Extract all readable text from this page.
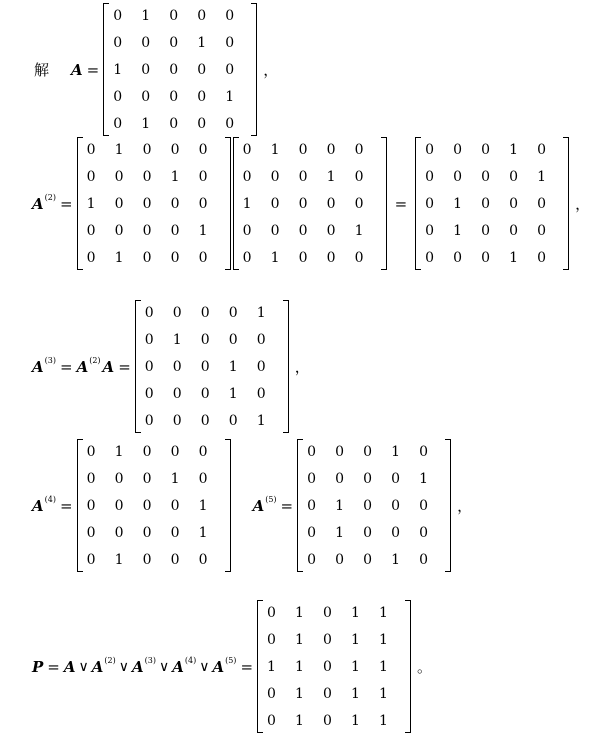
解 A =
0	1	0	0	0
0	0	0	1	0
1	0	0	0	0
0	0	0	0	1
0	1	0	0	0
，
$A^{(2)}$ =
0	1	0	0	0
0	0	0	1	0
1	0	0	0	0
0	0	0	0	1
0	1	0	0	0
0	1	0	0	0
0	0	0	1	0
1	0	0	0	0
0	0	0	0	1
0	1	0	0	0
=
0	0	0	1	0
0	0	0	0	1
0	1	0	0	0
0	1	0	0	0
0	0	0	1	0
，
$A^{(3)} = A^{(2)}$ A =
0	0	0	0	1
0	1	0	0	0
0	0	0	1	0
0	0	0	1	0
0	0	0	0	1
，
$A^{(4)}$ =
0	1	0	0	0
0	0	0	1	0
0	0	0	0	1
0	0	0	0	1
0	1	0	0	0
$A^{(5)}$ =
0	0	0	1	0
0	0	0	0	1
0	1	0	0	0
0	1	0	0	0
0	0	0	1	0
，
P = A ∨ $A^{(2)}$ ∨ $A^{(3)}$ ∨ $A^{(4)}$ ∨ $A^{(5)}$ =
0	1	0	1	1
0	1	0	1	1
1	1	0	1	1
0	1	0	1	1
0	1	0	1	1
。
